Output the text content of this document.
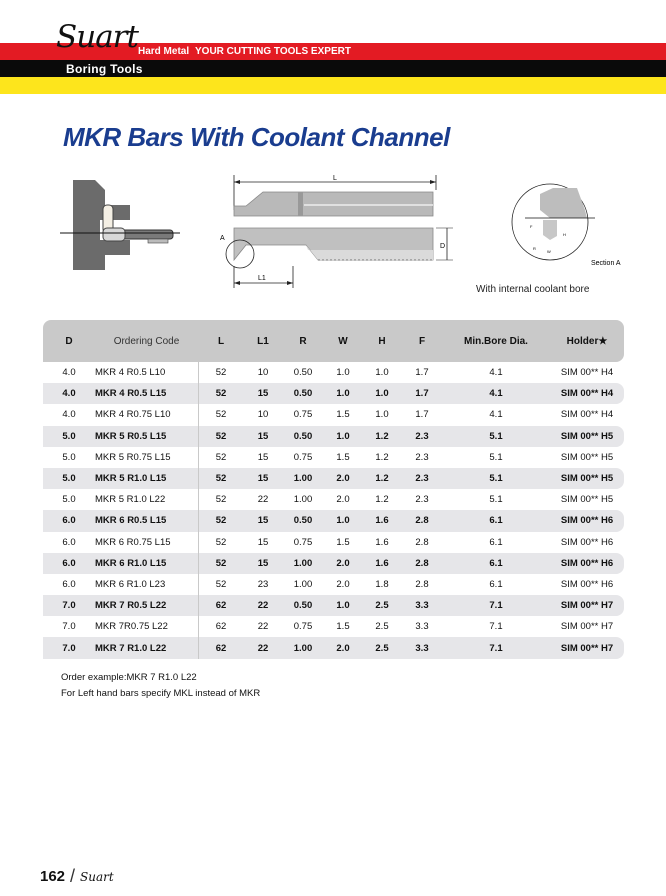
Suart Hard Metal YOUR CUTTING TOOLS EXPERT
Boring Tools
MKR Bars With Coolant Channel
L
A
D
L1
F
H
R
W
Section A
With internal coolant bore
D	Ordering Code	L	L1	R	W	H	F	Min.Bore Dia.	Holder★
4.0	MKR 4 R0.5 L10	52	10	0.50	1.0	1.0	1.7	4.1	SIM 00** H4
4.0	MKR 4 R0.5 L15	52	15	0.50	1.0	1.0	1.7	4.1	SIM 00** H4
4.0	MKR 4 R0.75 L10	52	10	0.75	1.5	1.0	1.7	4.1	SIM 00** H4
5.0	MKR 5 R0.5 L15	52	15	0.50	1.0	1.2	2.3	5.1	SIM 00** H5
5.0	MKR 5 R0.75 L15	52	15	0.75	1.5	1.2	2.3	5.1	SIM 00** H5
5.0	MKR 5 R1.0 L15	52	15	1.00	2.0	1.2	2.3	5.1	SIM 00** H5
5.0	MKR 5 R1.0 L22	52	22	1.00	2.0	1.2	2.3	5.1	SIM 00** H5
6.0	MKR 6 R0.5 L15	52	15	0.50	1.0	1.6	2.8	6.1	SIM 00** H6
6.0	MKR 6 R0.75 L15	52	15	0.75	1.5	1.6	2.8	6.1	SIM 00** H6
6.0	MKR 6 R1.0 L15	52	15	1.00	2.0	1.6	2.8	6.1	SIM 00** H6
6.0	MKR 6 R1.0 L23	52	23	1.00	2.0	1.8	2.8	6.1	SIM 00** H6
7.0	MKR 7 R0.5 L22	62	22	0.50	1.0	2.5	3.3	7.1	SIM 00** H7
7.0	MKR 7R0.75 L22	62	22	0.75	1.5	2.5	3.3	7.1	SIM 00** H7
7.0	MKR 7 R1.0 L22	62	22	1.00	2.0	2.5	3.3	7.1	SIM 00** H7
Order example:MKR 7 R1.0 L22
For Left hand bars specify MKL instead of MKR
162 / Suart
